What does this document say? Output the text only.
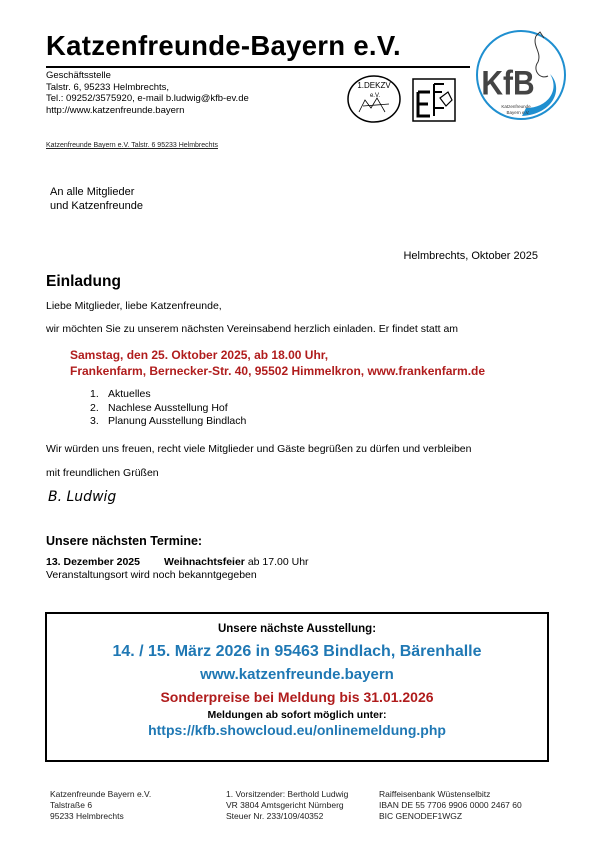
Katzenfreunde-Bayern e.V.
Geschäftsstelle
Talstr. 6, 95233 Helmbrechts,
Tel.: 09252/3575920, e-mail b.ludwig@kfb-ev.de
http://www.katzenfreunde.bayern
1.DEKZV
e.V.	KfB
Katzenfreunde
Bayern e.V.
Katzenfreunde Bayern e.V. Talstr. 6 95233 Helmbrechts
An alle Mitglieder
und Katzenfreunde
Helmbrechts, Oktober 2025
Einladung
Liebe Mitglieder, liebe Katzenfreunde,
wir möchten Sie zu unserem nächsten Vereinsabend herzlich einladen. Er findet statt am
Samstag, den 25. Oktober 2025, ab 18.00 Uhr,
Frankenfarm, Bernecker-Str. 40, 95502 Himmelkron, www.frankenfarm.de
1. Aktuelles
2. Nachlese Ausstellung Hof
3. Planung Ausstellung Bindlach
Wir würden uns freuen, recht viele Mitglieder und Gäste begrüßen zu dürfen und verbleiben
mit freundlichen Grüßen
B. Ludwig
Unsere nächsten Termine:
13. Dezember 2025 Weihnachtsfeier ab 17.00 Uhr
Veranstaltungsort wird noch bekanntgegeben
Unsere nächste Ausstellung:
14. / 15. März 2026 in 95463 Bindlach, Bärenhalle
www.katzenfreunde.bayern
Sonderpreise bei Meldung bis 31.01.2026
Meldungen ab sofort möglich unter:
https://kfb.showcloud.eu/onlinemeldung.php
Katzenfreunde Bayern e.V.
Talstraße 6
95233 Helmbrechts
1. Vorsitzender: Berthold Ludwig
VR 3804 Amtsgericht Nürnberg
Steuer Nr. 233/109/40352
Raiffeisenbank Wüstenselbitz
IBAN DE 55 7706 9906 0000 2467 60
BIC GENODEF1WGZ
